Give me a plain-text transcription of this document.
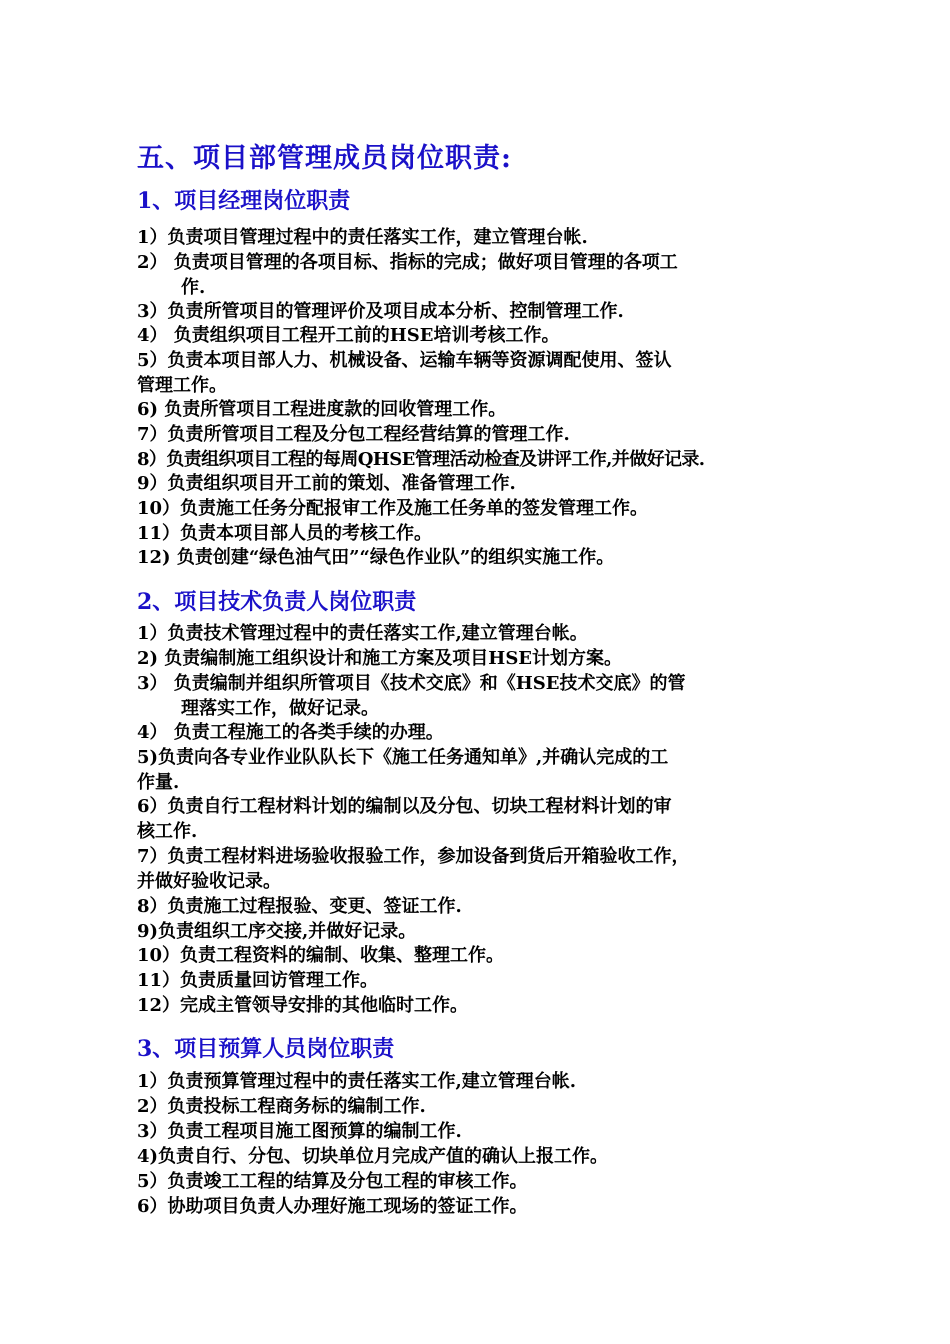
五、项目部管理成员岗位职责:
1、项目经理岗位职责
1）负责项目管理过程中的责任落实工作，建立管理台帐.
2） 负责项目管理的各项目标、指标的完成；做好项目管理的各项工
作.
3）负责所管项目的管理评价及项目成本分析、控制管理工作.
4） 负责组织项目工程开工前的HSE培训考核工作。
5）负责本项目部人力、机械设备、运输车辆等资源调配使用、签认
管理工作。
6) 负责所管项目工程进度款的回收管理工作。
7）负责所管项目工程及分包工程经营结算的管理工作.
8）负责组织项目工程的每周QHSE管理活动检查及讲评工作,并做好记录.
9）负责组织项目开工前的策划、准备管理工作.
10）负责施工任务分配报审工作及施工任务单的签发管理工作。
11）负责本项目部人员的考核工作。
12) 负责创建“绿色油气田”“绿色作业队”的组织实施工作。
2、项目技术负责人岗位职责
1）负责技术管理过程中的责任落实工作,建立管理台帐。
2) 负责编制施工组织设计和施工方案及项目HSE计划方案。
3） 负责编制并组织所管项目《技术交底》和《HSE技术交底》的管
理落实工作，做好记录。
4） 负责工程施工的各类手续的办理。
5)负责向各专业作业队队长下《施工任务通知单》,并确认完成的工
作量.
6）负责自行工程材料计划的编制以及分包、切块工程材料计划的审
核工作.
7）负责工程材料进场验收报验工作，参加设备到货后开箱验收工作，
并做好验收记录。
8）负责施工过程报验、变更、签证工作.
9)负责组织工序交接,并做好记录。
10）负责工程资料的编制、收集、整理工作。
11）负责质量回访管理工作。
12）完成主管领导安排的其他临时工作。
3、项目预算人员岗位职责
1）负责预算管理过程中的责任落实工作,建立管理台帐.
2）负责投标工程商务标的编制工作.
3）负责工程项目施工图预算的编制工作.
4)负责自行、分包、切块单位月完成产值的确认上报工作。
5）负责竣工工程的结算及分包工程的审核工作。
6）协助项目负责人办理好施工现场的签证工作。
